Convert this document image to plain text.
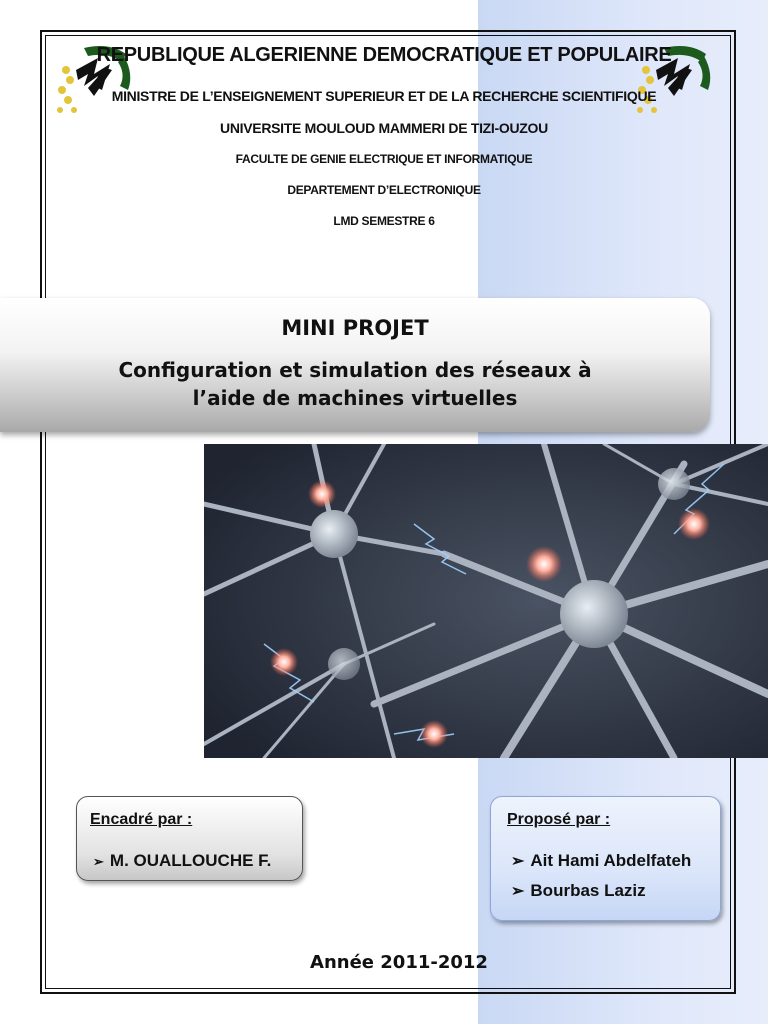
REPUBLIQUE ALGERIENNE DEMOCRATIQUE ET POPULAIRE
MINISTRE DE L’ENSEIGNEMENT SUPERIEUR ET DE LA RECHERCHE SCIENTIFIQUE
UNIVERSITE MOULOUD MAMMERI DE TIZI-OUZOU
FACULTE DE GENIE ELECTRIQUE ET INFORMATIQUE
DEPARTEMENT D’ELECTRONIQUE
LMD SEMESTRE 6
MINI PROJET
Configuration et simulation des réseaux à
l’aide de machines virtuelles
Encadré par :
➢ M. OUALLOUCHE F.
Proposé par :
➢ Ait Hami Abdelfateh
➢ Bourbas Laziz
Année 2011-2012
